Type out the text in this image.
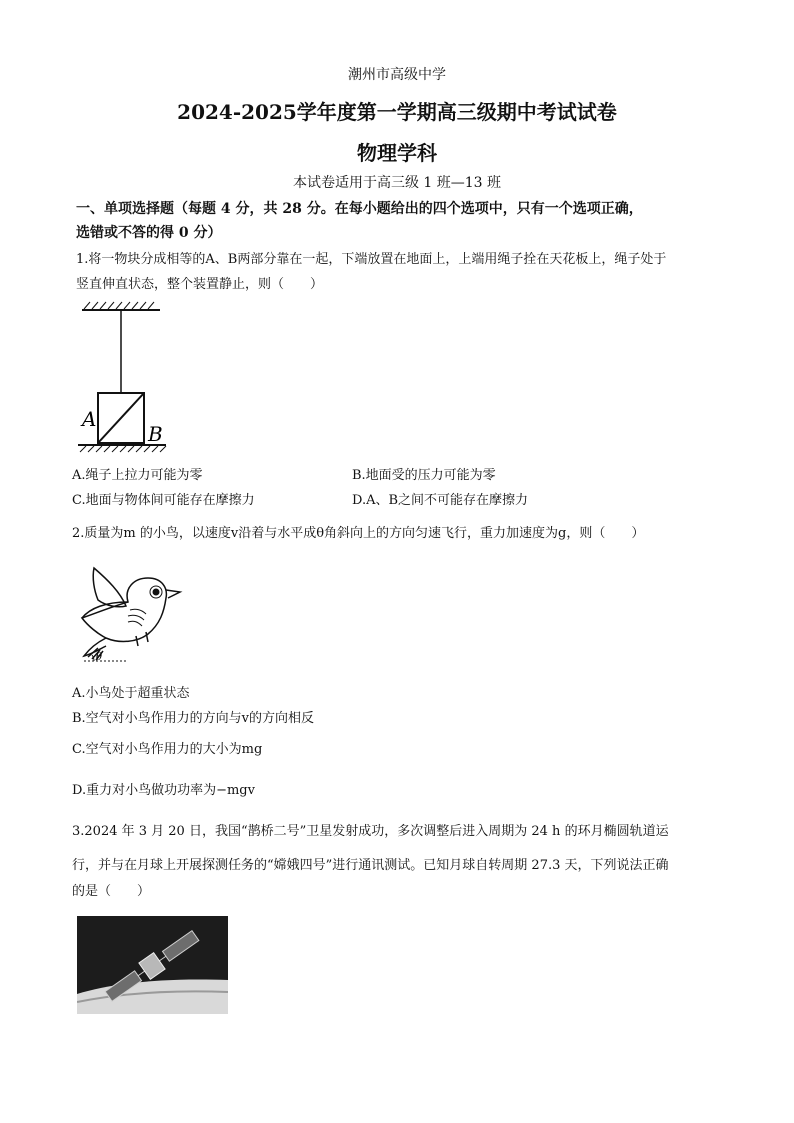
潮州市高级中学
2024-2025学年度第一学期高三级期中考试试卷
物理学科
本试卷适用于高三级 1 班—13 班
一、单项选择题（每题 4 分，共 28 分。在每小题给出的四个选项中，只有一个选项正确，
选错或不答的得 0 分）
1.将一物块分成相等的A、B两部分靠在一起，下端放置在地面上，上端用绳子拴在天花板上，绳子处于
竖直伸直状态，整个装置静止，则（　　）
A
B
A.绳子上拉力可能为零	B.地面受的压力可能为零
C.地面与物体间可能存在摩擦力	D.A、B之间不可能存在摩擦力
2.质量为m 的小鸟，以速度v沿着与水平成θ角斜向上的方向匀速飞行，重力加速度为g，则（　　）
θ
A.小鸟处于超重状态
B.空气对小鸟作用力的方向与v的方向相反
C.空气对小鸟作用力的大小为mg
D.重力对小鸟做功功率为−mgv
3.2024 年 3 月 20 日，我国“鹊桥二号”卫星发射成功，多次调整后进入周期为 24 h 的环月椭圆轨道运
行，并与在月球上开展探测任务的“嫦娥四号”进行通讯测试。已知月球自转周期 27.3 天，下列说法正确
的是（　　）
